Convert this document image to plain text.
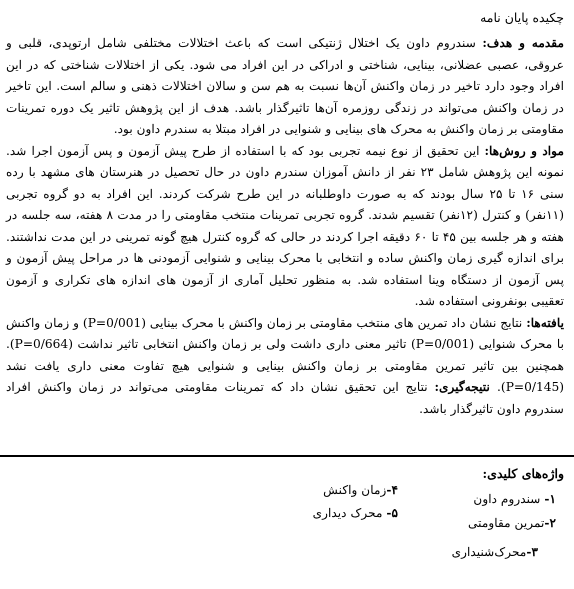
چکیده پایان نامه

مقدمه و هدف: سندروم داون یک اختلال ژنتیکی است که باعث اختلالات مختلفی شامل ارتوپدی، قلبی و عروقی، عصبی عضلانی، بینایی، شناختی و ادراکی در این افراد می شود. یکی از اختلالات شناختی که در این افراد وجود دارد تاخیر در زمان واکنش آن‌ها نسبت به هم سن و سالان اختلالات ذهنی و سالم است. این تاخیر در زمان واکنش می‌تواند در زندگی روزمره آن‌ها تاثیرگذار باشد. هدف از این پژوهش تاثیر یک دوره تمرینات مقاومتی بر زمان واکنش به محرک های بینایی و شنوایی در افراد مبتلا به سندرم داون بود.

مواد و روش‌ها: این تحقیق از نوع نیمه تجربی بود که با استفاده از طرح پیش آزمون و پس آزمون اجرا شد. نمونه این پژوهش شامل ۲۳ نفر از دانش آموزان سندرم داون در حال تحصیل در هنرستان های مشهد با رده سنی ۱۶ تا ۲۵ سال بودند که به صورت داوطلبانه در این طرح شرکت کردند. این افراد به دو گروه تجربی (۱۱نفر) و کنترل (۱۲نفر) تقسیم شدند. گروه تجربی تمرینات منتخب مقاومتی را در مدت ۸ هفته، سه جلسه در هفته و هر جلسه بین ۴۵ تا ۶۰ دقیقه اجرا کردند در حالی که گروه کنترل هیچ گونه تمرینی در این مدت نداشتند. برای اندازه گیری زمان واکنش ساده و انتخابی با محرک بینایی و شنوایی آزمودنی ها در مراحل پیش آزمون و پس آزمون از دستگاه وینا استفاده شد. به منظور تحلیل آماری از آزمون های اندازه های تکراری و آزمون تعقیبی بونفرونی استفاده شد.

یافته‌ها: نتایج نشان داد تمرین های منتخب مقاومتی بر زمان واکنش با محرک بینایی (P=0/001) و زمان واکنش با محرک شنوایی (P=0/001) تاثیر معنی داری داشت ولی بر زمان واکنش انتخابی تاثیر نداشت (P=0/664). همچنین بین تاثیر تمرین مقاومتی بر زمان واکنش بینایی و شنوایی هیچ تفاوت معنی داری یافت نشد (P=0/145). نتیجه‌گیری: نتایج این تحقیق نشان داد که تمرینات مقاومتی می‌تواند در زمان واکنش افراد سندروم داون تاثیرگذار باشد.

واژه‌های کلیدی:
۱- سندروم داون
۲-تمرین مقاومتی
۳-محرک‌شنیداری
۴-زمان واکنش
۵- محرک دیداری
